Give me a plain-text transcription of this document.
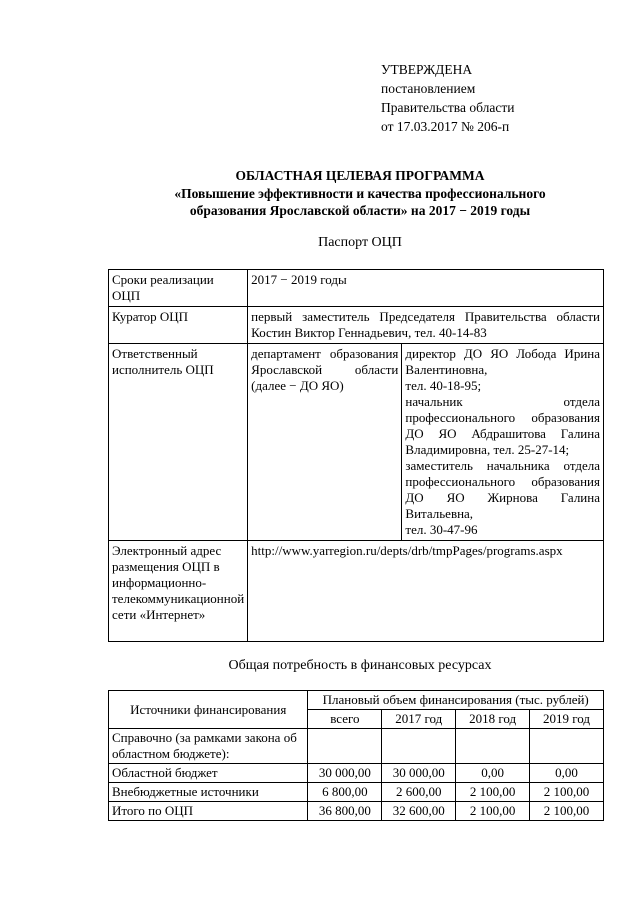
УТВЕРЖДЕНА
постановлением
Правительства области
от 17.03.2017 № 206-п
ОБЛАСТНАЯ ЦЕЛЕВАЯ ПРОГРАММА
«Повышение эффективности и качества профессионального
образования Ярославской области» на 2017 − 2019 годы
Паспорт ОЦП
Сроки реализации ОЦП	2017 − 2019 годы	
Куратор ОЦП	первый заместитель Председателя Правительства области Костин Виктор Геннадьевич, тел. 40-14-83	
Ответственный исполнитель ОЦП	департамент образования Ярославской области (далее − ДО ЯО)	директор ДО ЯО Лобода Ирина Валентиновна,
тел. 40-18-95;
начальник отдела профессионального образования ДО ЯО Абдрашитова Галина Владимировна, тел. 25-27-14;
заместитель начальника отдела профессионального образования ДО ЯО Жирнова Галина Витальевна,
тел. 30-47-96

Электронный адрес размещения ОЦП в информационно-телекоммуникационной сети «Интернет»	http://www.yarregion.ru/depts/drb/tmpPages/programs.aspx	
Общая потребность в финансовых ресурсах
Источники финансирования	Плановый объем финансирования (тыс. рублей)			
	всего	2017 год	2018 год	2019 год
Справочно (за рамками закона об областном бюджете):				
Областной бюджет	30 000,00	30 000,00	0,00	0,00
Внебюджетные источники	6 800,00	2 600,00	2 100,00	2 100,00
Итого по ОЦП	36 800,00	32 600,00	2 100,00	2 100,00
